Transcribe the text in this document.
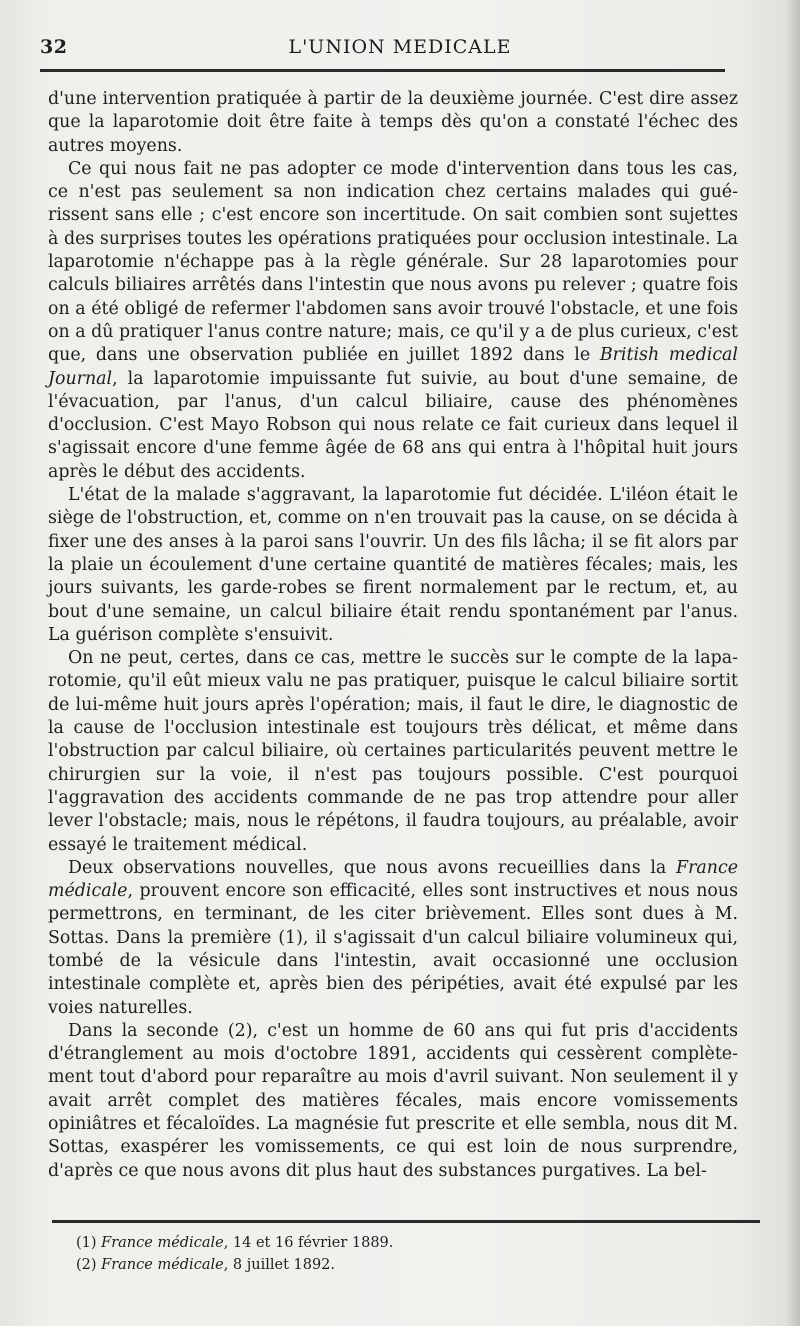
32	L'UNION MEDICALE

d'une intervention pratiquée à partir de la deuxième journée. C'est dire assez que la laparotomie doit être faite à temps dès qu'on a constaté l'échec des autres moyens.

Ce qui nous fait ne pas adopter ce mode d'intervention dans tous les cas, ce n'est pas seulement sa non indication chez certains malades qui guérissent sans elle ; c'est encore son incertitude. On sait combien sont sujettes à des surprises toutes les opérations pratiquées pour occlusion intestinale. La laparotomie n'échappe pas à la règle générale. Sur 28 laparotomies pour calculs biliaires arrêtés dans l'intestin que nous avons pu relever ; quatre fois on a été obligé de refermer l'abdomen sans avoir trouvé l'obstacle, et une fois on a dû pratiquer l'anus contre nature; mais, ce qu'il y a de plus curieux, c'est que, dans une observation publiée en juillet 1892 dans le British medical Journal, la laparotomie impuissante fut suivie, au bout d'une semaine, de l'évacuation, par l'anus, d'un calcul biliaire, cause des phénomènes d'occlusion. C'est Mayo Robson qui nous relate ce fait curieux dans lequel il s'agissait encore d'une femme âgée de 68 ans qui entra à l'hôpital huit jours après le début des accidents.

L'état de la malade s'aggravant, la laparotomie fut décidée. L'iléon était le siège de l'obstruction, et, comme on n'en trouvait pas la cause, on se décida à fixer une des anses à la paroi sans l'ouvrir. Un des fils lâcha; il se fit alors par la plaie un écoulement d'une certaine quantité de matières fécales; mais, les jours suivants, les garde-robes se firent normalement par le rectum, et, au bout d'une semaine, un calcul biliaire était rendu spontanément par l'anus. La guérison complète s'ensuivit.

On ne peut, certes, dans ce cas, mettre le succès sur le compte de la laparotomie, qu'il eût mieux valu ne pas pratiquer, puisque le calcul biliaire sortit de lui-même huit jours après l'opération; mais, il faut le dire, le diagnostic de la cause de l'occlusion intestinale est toujours très délicat, et même dans l'obstruction par calcul biliaire, où certaines particularités peuvent mettre le chirurgien sur la voie, il n'est pas toujours possible. C'est pourquoi l'aggravation des accidents commande de ne pas trop attendre pour aller lever l'obstacle; mais, nous le répétons, il faudra toujours, au préalable, avoir essayé le traitement médical.

Deux observations nouvelles, que nous avons recueillies dans la France médicale, prouvent encore son efficacité, elles sont instructives et nous nous permettrons, en terminant, de les citer brièvement. Elles sont dues à M. Sottas. Dans la première (1), il s'agissait d'un calcul biliaire volumineux qui, tombé de la vésicule dans l'intestin, avait occasionné une occlusion intestinale complète et, après bien des péripéties, avait été expulsé par les voies naturelles.

Dans la seconde (2), c'est un homme de 60 ans qui fut pris d'accidents d'étranglement au mois d'octobre 1891, accidents qui cessèrent complètement tout d'abord pour reparaître au mois d'avril suivant. Non seulement il y avait arrêt complet des matières fécales, mais encore vomissements opiniâtres et fécaloïdes. La magnésie fut prescrite et elle sembla, nous dit M. Sottas, exaspérer les vomissements, ce qui est loin de nous surprendre, d'après ce que nous avons dit plus haut des substances purgatives. La bel-

(1) France médicale, 14 et 16 février 1889.
(2) France médicale, 8 juillet 1892.
